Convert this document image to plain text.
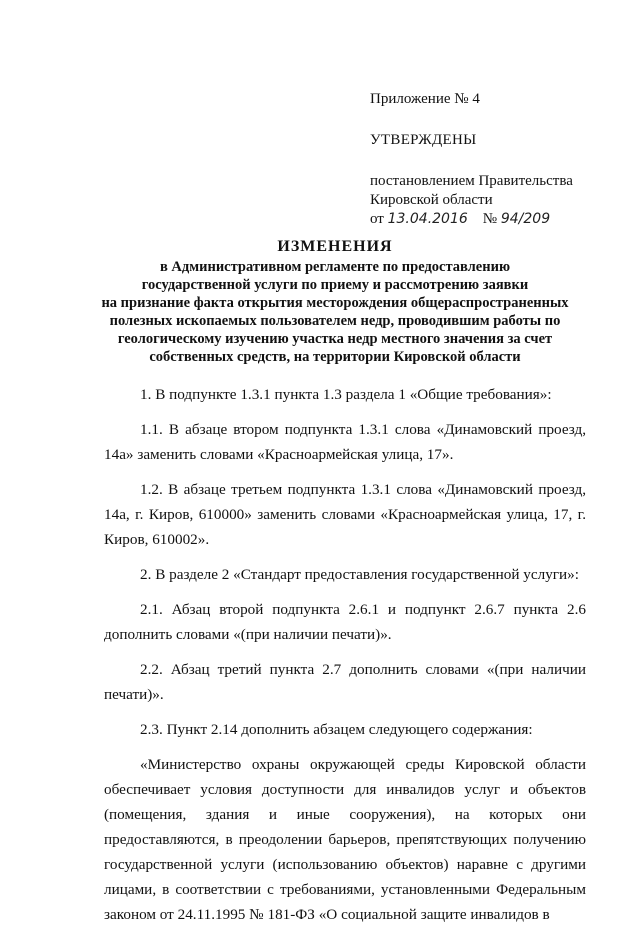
Приложение № 4
УТВЕРЖДЕНЫ
постановлением Правительства
Кировской области
от 13.04.2016 № 94/209
ИЗМЕНЕНИЯ
в Административном регламенте по предоставлению
государственной услуги по приему и рассмотрению заявки
на признание факта открытия месторождения общераспространенных
полезных ископаемых пользователем недр, проводившим работы по
геологическому изучению участка недр местного значения за счет
собственных средств, на территории Кировской области

1. В подпункте 1.3.1 пункта 1.3 раздела 1 «Общие требования»:

1.1. В абзаце втором подпункта 1.3.1 слова «Динамовский проезд, 14а» заменить словами «Красноармейская улица, 17».

1.2. В абзаце третьем подпункта 1.3.1 слова «Динамовский проезд, 14а, г. Киров, 610000» заменить словами «Красноармейская улица, 17, г. Киров, 610002».

2. В разделе 2 «Стандарт предоставления государственной услуги»:

2.1. Абзац второй подпункта 2.6.1 и подпункт 2.6.7 пункта 2.6 дополнить словами «(при наличии печати)».

2.2. Абзац третий пункта 2.7 дополнить словами «(при наличии печати)».

2.3. Пункт 2.14 дополнить абзацем следующего содержания:

«Министерство охраны окружающей среды Кировской области обеспечивает условия доступности для инвалидов услуг и объектов (помещения, здания и иные сооружения), на которых они предоставляются, в преодолении барьеров, препятствующих получению государственной услуги (использованию объектов) наравне с другими лицами, в соответствии с требованиями, установленными Федеральным законом от 24.11.1995 № 181-ФЗ «О социальной защите инвалидов в
